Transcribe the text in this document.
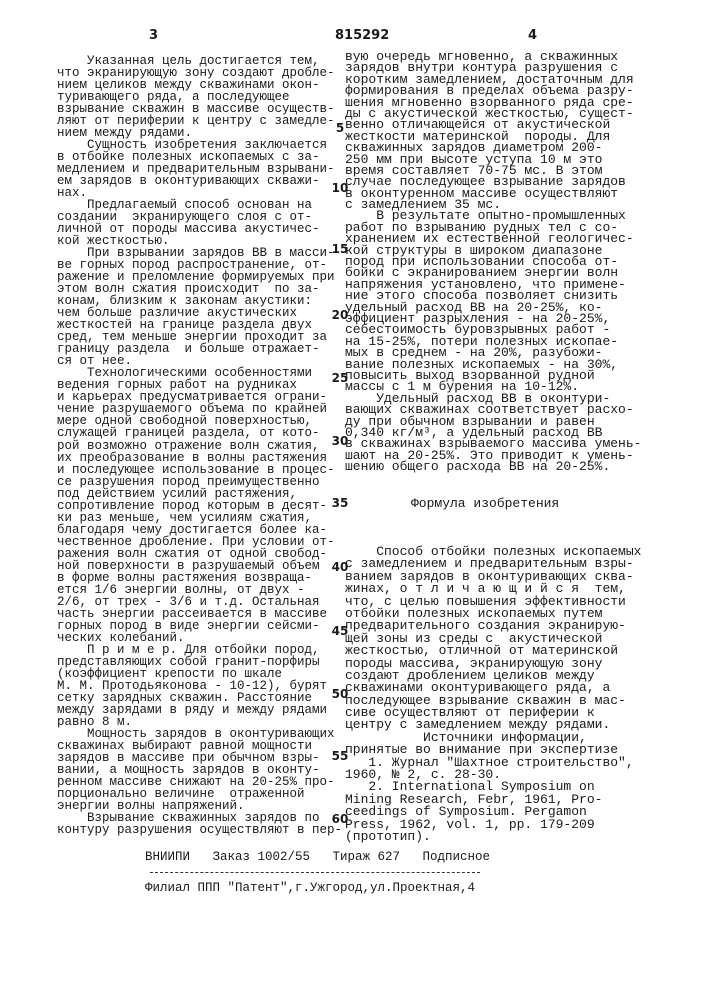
3	815292	4
Указанная цель достигается тем,
что экранирующую зону создают дробле-
нием целиков между скважинами окон-
туривающего ряда, а последующее
взрывание скважин в массиве осуществ-
ляют от периферии к центру с замедле-
нием между рядами.
Сущность изобретения заключается
в отбойке полезных ископаемых с за-
медлением и предварительным взрывани-
ем зарядов в оконтуривающих скважи-
нах.
Предлагаемый способ основан на
создании  экранирующего слоя с от-
личной от породы массива акустичес-
кой жесткостью.
При взрывании зарядов ВВ в масси-
ве горных пород распространение, от-
ражение и преломление формируемых при
этом волн сжатия происходит  по за-
конам, близким к законам акустики:
чем больше различие акустических
жесткостей на границе раздела двух
сред, тем меньше энергии проходит за
границу раздела  и больше отражает-
ся от нее.
Технологическими особенностями
ведения горных работ на рудниках
и карьерах предусматривается ограни-
чение разрушаемого объема по крайней
мере одной свободной поверхностью,
служащей границей раздела, от кото-
рой возможно отражение волн сжатия,
их преобразование в волны растяжения
и последующее использование в процес-
се разрушения пород преимущественно
под действием усилий растяжения,
сопротивление пород которым в десят-
ки раз меньше, чем усилиям сжатия,
благодаря чему достигается более ка-
чественное дробление. При условии от-
ражения волн сжатия от одной свобод-
ной поверхности в разрушаемый объем
в форме волны растяжения возвраща-
ется 1/6 энергии волны, от двух -
2/6, от трех - 3/6 и т.д. Остальная
часть энергии рассеивается в массиве
горных пород в виде энергии сейсми-
ческих колебаний.
П р и м е р. Для отбойки пород,
представляющих собой гранит-порфиры
(коэффициент крепости по шкале
М. М. Протодьяконова - 10-12), бурят
сетку зарядных скважин. Расстояние
между зарядами в ряду и между рядами
равно 8 м.
Мощность зарядов в оконтуривающих
скважинах выбирают равной мощности
зарядов в массиве при обычном взры-
вании, а мощность зарядов в оконту-
ренном массиве снижают на 20-25% про-
порционально величине  отраженной
энергии волны напряжений.
Взрывание скважинных зарядов по
контуру разрушения осуществляют в пер-
5
10
15
20
25
30
35
40
45
50
55
60
вую очередь мгновенно, а скважинных
зарядов внутри контура разрушения с
коротким замедлением, достаточным для
формирования в пределах объема разру-
шения мгновенно взорванного ряда сре-
ды с акустической жесткостью, сущест-
венно отличающейся от акустической
жесткости материнской  породы. Для
скважинных зарядов диаметром 200-
250 мм при высоте уступа 10 м это
время составляет 70-75 мс. В этом
случае последующее взрывание зарядов
в оконтуренном массиве осуществляют
с замедлением 35 мс.
В результате опытно-промышленных
работ по взрыванию рудных тел с со-
хранением их естественной геологичес-
кой структуры в широком диапазоне
пород при использовании способа от-
бойки с экранированием энергии волн
напряжения установлено, что примене-
ние этого способа позволяет снизить
удельный расход ВВ на 20-25%, ко-
эффициент разрыхления - на 20-25%,
себестоимость буровзрывных работ -
на 15-25%, потери полезных ископае-
мых в среднем - на 20%, разубожи-
вание полезных ископаемых - на 30%,
повысить выход взорванной рудной
массы с 1 м бурения на 10-12%.
Удельный расход ВВ в оконтури-
вающих скважинах соответствует расхо-
ду при обычном взрывании и равен
0,340 кг/м³, а удельный расход ВВ
в скважинах взрываемого массива умень-
шают на 20-25%. Это приводит к умень-
шению общего расхода ВВ на 20-25%.
Формула изобретения
Способ отбойки полезных ископаемых
с замедлением и предварительным взры-
ванием зарядов в оконтуривающих сква-
жинах, о т л и ч а ю щ и й с я  тем,
что, с целью повышения эффективности
отбойки полезных ископаемых путем
предварительного создания экранирую-
щей зоны из среды с  акустической
жесткостью, отличной от материнской
породы массива, экранирующую зону
создают дроблением целиков между
скважинами оконтуривающего ряда, а
последующее взрывание скважин в мас-
сиве осуществляют от периферии к
центру с замедлением между рядами.
Источники информации,
принятые во внимание при экспертизе
1. Журнал "Шахтное строительство",
1960, № 2, с. 28-30.
2. International Symposium on
Mining Research, Febr, 1961, Pro-
ceedings of Symposium. Pergamon
Press, 1962, vol. 1, pp. 179-209
(прототип).
ВНИИПИ   Заказ 1002/55   Тираж 627   Подписное
Филиал ППП "Патент",г.Ужгород,ул.Проектная,4
